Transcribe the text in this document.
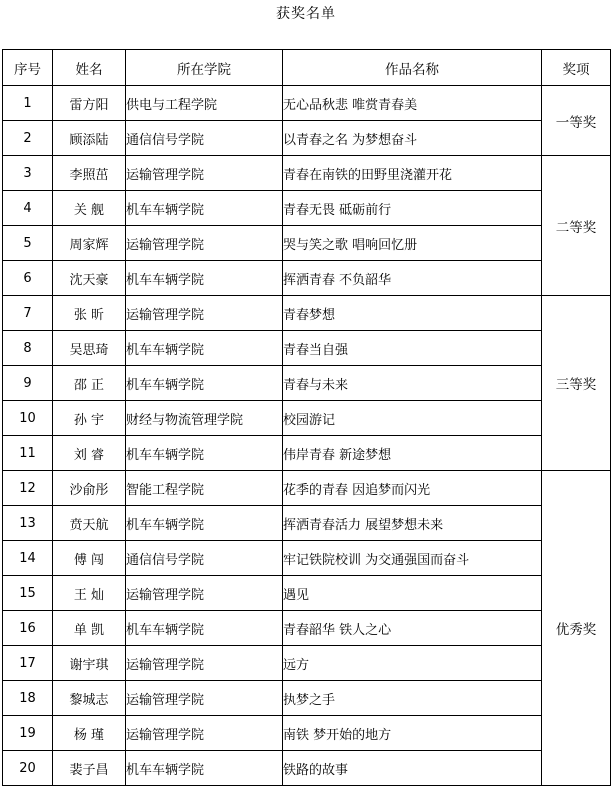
获奖名单
序号	姓名	所在学院	作品名称	奖项
1	雷方阳	供电与工程学院	无心品秋悲 唯赏青春美	一等奖
2	顾添陆	通信信号学院	以青春之名 为梦想奋斗	
3	李照茁	运输管理学院	青春在南铁的田野里浇灌开花	二等奖
4	关 舰	机车车辆学院	青春无畏 砥砺前行	
5	周家辉	运输管理学院	哭与笑之歌 唱响回忆册	
6	沈天豪	机车车辆学院	挥洒青春 不负韶华	
7	张 昕	运输管理学院	青春梦想	三等奖
8	吴思琦	机车车辆学院	青春当自强	
9	邵 正	机车车辆学院	青春与未来	
10	孙 宇	财经与物流管理学院	校园游记	
11	刘 睿	机车车辆学院	伟岸青春 新途梦想	
12	沙俞彤	智能工程学院	花季的青春 因追梦而闪光	优秀奖
13	贲天航	机车车辆学院	挥洒青春活力 展望梦想未来	
14	傅 闯	通信信号学院	牢记铁院校训 为交通强国而奋斗	
15	王 灿	运输管理学院	遇见	
16	单 凯	机车车辆学院	青春韶华 铁人之心	
17	谢宇琪	运输管理学院	远方	
18	黎城志	运输管理学院	执梦之手	
19	杨 瑾	运输管理学院	南铁 梦开始的地方	
20	裴子昌	机车车辆学院	铁路的故事	
